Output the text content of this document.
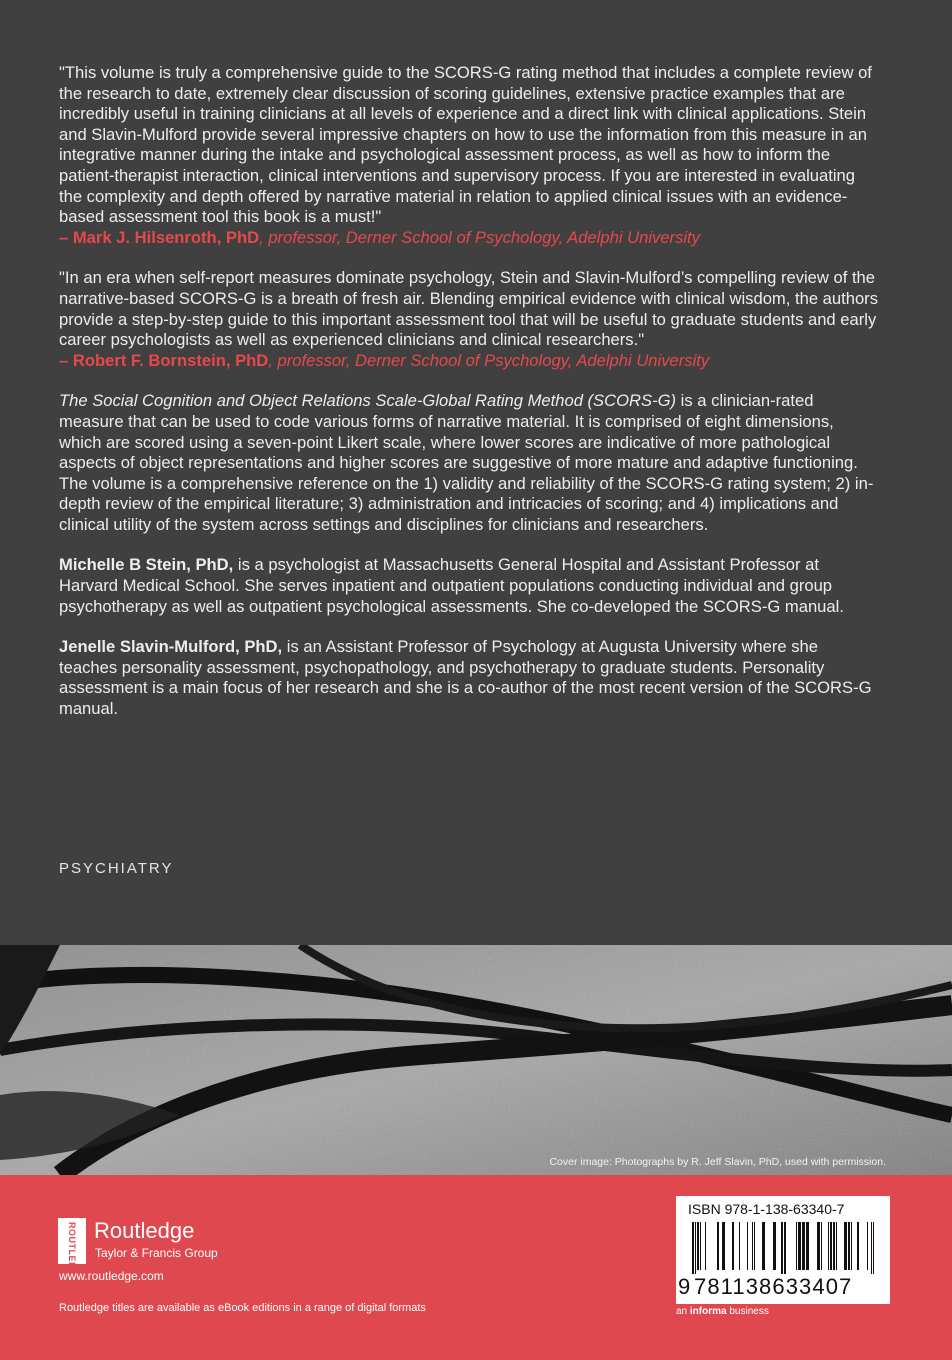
"This volume is truly a comprehensive guide to the SCORS-G rating method that includes a complete review of the research to date, extremely clear discussion of scoring guidelines, extensive practice examples that are incredibly useful in training clinicians at all levels of experience and a direct link with clinical applications. Stein and Slavin-Mulford provide several impressive chapters on how to use the information from this measure in an integrative manner during the intake and psychological assessment process, as well as how to inform the patient-therapist interaction, clinical interventions and supervisory process. If you are interested in evaluating the complexity and depth offered by narrative material in relation to applied clinical issues with an evidence-based assessment tool this book is a must!"

– Mark J. Hilsenroth, PhD, professor, Derner School of Psychology, Adelphi University

"In an era when self-report measures dominate psychology, Stein and Slavin-Mulford’s compelling review of the narrative-based SCORS-G is a breath of fresh air. Blending empirical evidence with clinical wisdom, the authors provide a step-by-step guide to this important assessment tool that will be useful to graduate students and early career psychologists as well as experienced clinicians and clinical researchers."

– Robert F. Bornstein, PhD, professor, Derner School of Psychology, Adelphi University

The Social Cognition and Object Relations Scale-Global Rating Method (SCORS-G) is a clinician-rated measure that can be used to code various forms of narrative material. It is comprised of eight dimensions, which are scored using a seven-point Likert scale, where lower scores are indicative of more pathological aspects of object representations and higher scores are suggestive of more mature and adaptive functioning. The volume is a comprehensive reference on the 1) validity and reliability of the SCORS-G rating system; 2) in-depth review of the empirical literature; 3) administration and intricacies of scoring; and 4) implications and clinical utility of the system across settings and disciplines for clinicians and researchers.

Michelle B Stein, PhD, is a psychologist at Massachusetts General Hospital and Assistant Professor at Harvard Medical School. She serves inpatient and outpatient populations conducting individual and group psychotherapy as well as outpatient psychological assessments. She co-developed the SCORS-G manual.

Jenelle Slavin-Mulford, PhD, is an Assistant Professor of Psychology at Augusta University where she teaches personality assessment, psychopathology, and psychotherapy to graduate students. Personality assessment is a main focus of her research and she is a co-author of the most recent version of the SCORS-G manual.

PSYCHIATRY
Cover image: Photographs by R. Jeff Slavin, PhD, used with permission.
ROUTLEDGE Routledge
Taylor & Francis Group
www.routledge.com
Routledge titles are available as eBook editions in a range of digital formats
ISBN 978-1-138-63340-7
9 781138633407
an informa business
